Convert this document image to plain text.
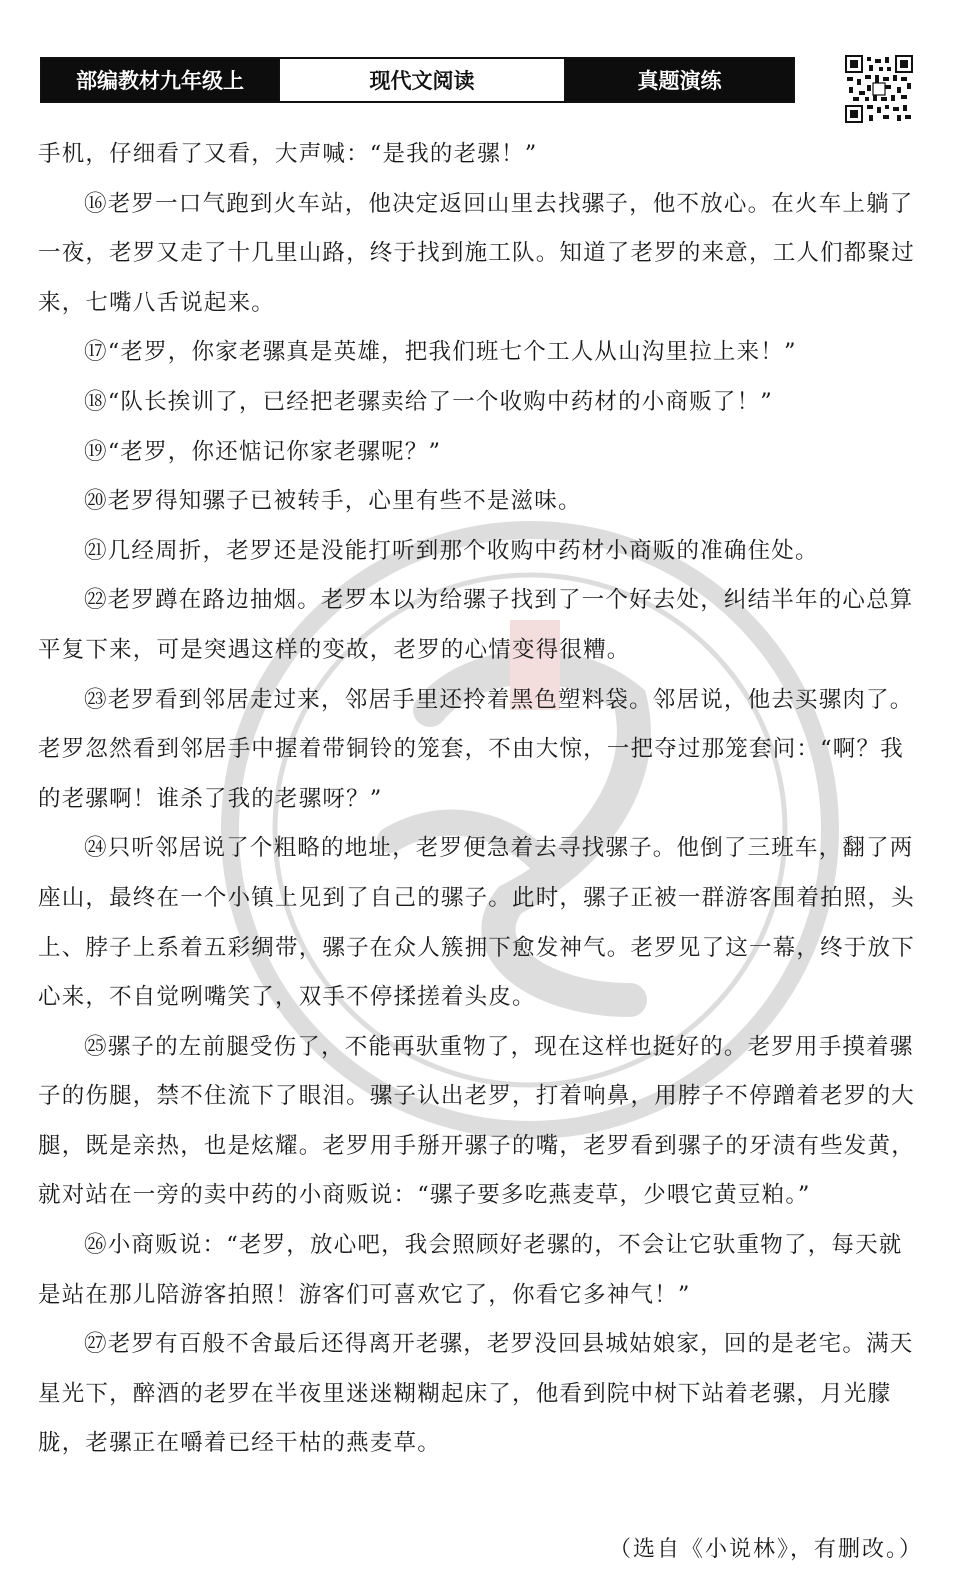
部编教材九年级上	现代文阅读	真题演练

手机，仔细看了又看，大声喊：“是我的老骡！”

⑯老罗一口气跑到火车站，他决定返回山里去找骡子，他不放心。在火车上躺了一夜，老罗又走了十几里山路，终于找到施工队。知道了老罗的来意，工人们都聚过来，七嘴八舌说起来。

⑰“老罗，你家老骡真是英雄，把我们班七个工人从山沟里拉上来！”

⑱“队长挨训了，已经把老骡卖给了一个收购中药材的小商贩了！”

⑲“老罗，你还惦记你家老骡呢？”

⑳老罗得知骡子已被转手，心里有些不是滋味。

㉑几经周折，老罗还是没能打听到那个收购中药材小商贩的准确住处。

㉒老罗蹲在路边抽烟。老罗本以为给骡子找到了一个好去处，纠结半年的心总算平复下来，可是突遇这样的变故，老罗的心情变得很糟。

㉓老罗看到邻居走过来，邻居手里还拎着黑色塑料袋。邻居说，他去买骡肉了。老罗忽然看到邻居手中握着带铜铃的笼套，不由大惊，一把夺过那笼套问：“啊？我的老骡啊！谁杀了我的老骡呀？”

㉔只听邻居说了个粗略的地址，老罗便急着去寻找骡子。他倒了三班车，翻了两座山，最终在一个小镇上见到了自己的骡子。此时，骡子正被一群游客围着拍照，头上、脖子上系着五彩绸带，骡子在众人簇拥下愈发神气。老罗见了这一幕，终于放下心来，不自觉咧嘴笑了，双手不停揉搓着头皮。

㉕骡子的左前腿受伤了，不能再驮重物了，现在这样也挺好的。老罗用手摸着骡子的伤腿，禁不住流下了眼泪。骡子认出老罗，打着响鼻，用脖子不停蹭着老罗的大腿，既是亲热，也是炫耀。老罗用手掰开骡子的嘴，老罗看到骡子的牙渍有些发黄，就对站在一旁的卖中药的小商贩说：“骡子要多吃燕麦草，少喂它黄豆粕。”

㉖小商贩说：“老罗，放心吧，我会照顾好老骡的，不会让它驮重物了，每天就是站在那儿陪游客拍照！游客们可喜欢它了，你看它多神气！”

㉗老罗有百般不舍最后还得离开老骡，老罗没回县城姑娘家，回的是老宅。满天星光下，醉酒的老罗在半夜里迷迷糊糊起床了，他看到院中树下站着老骡，月光朦胧，老骡正在嚼着已经干枯的燕麦草。

（选自《小说林》，有删改。）
